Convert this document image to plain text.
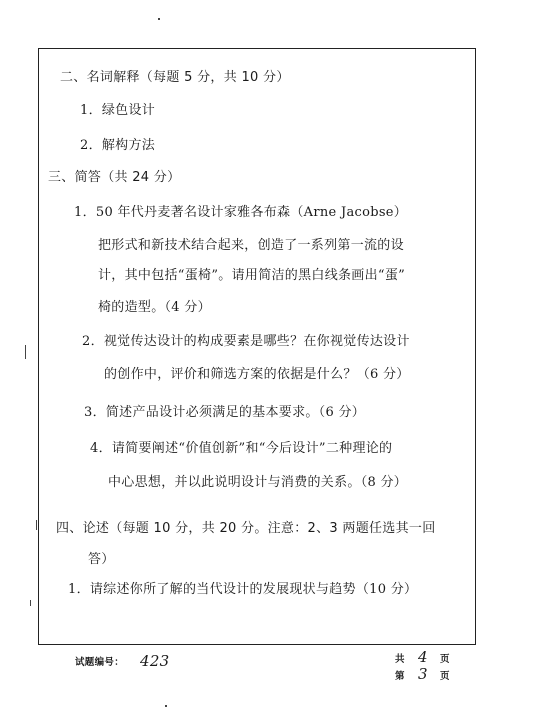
二、名词解释（每题 5 分，共 10 分）
1．绿色设计
2．解构方法
三、简答（共 24 分）
1．50 年代丹麦著名设计家雅各布森（Arne Jacobse）
把形式和新技术结合起来，创造了一系列第一流的设
计，其中包括“蛋椅”。请用简洁的黑白线条画出“蛋”
椅的造型。（4 分）
2．视觉传达设计的构成要素是哪些？在你视觉传达设计
的创作中，评价和筛选方案的依据是什么？（6 分）
3．简述产品设计必须满足的基本要求。（6 分）
4．请简要阐述“价值创新”和“今后设计”二种理论的
中心思想，并以此说明设计与消费的关系。（8 分）
四、论述（每题 10 分，共 20 分。注意：2、3 两题任选其一回
答）
1．请综述你所了解的当代设计的发展现状与趋势（10 分）
试题编号： 423	共 4 页
第 3 页
